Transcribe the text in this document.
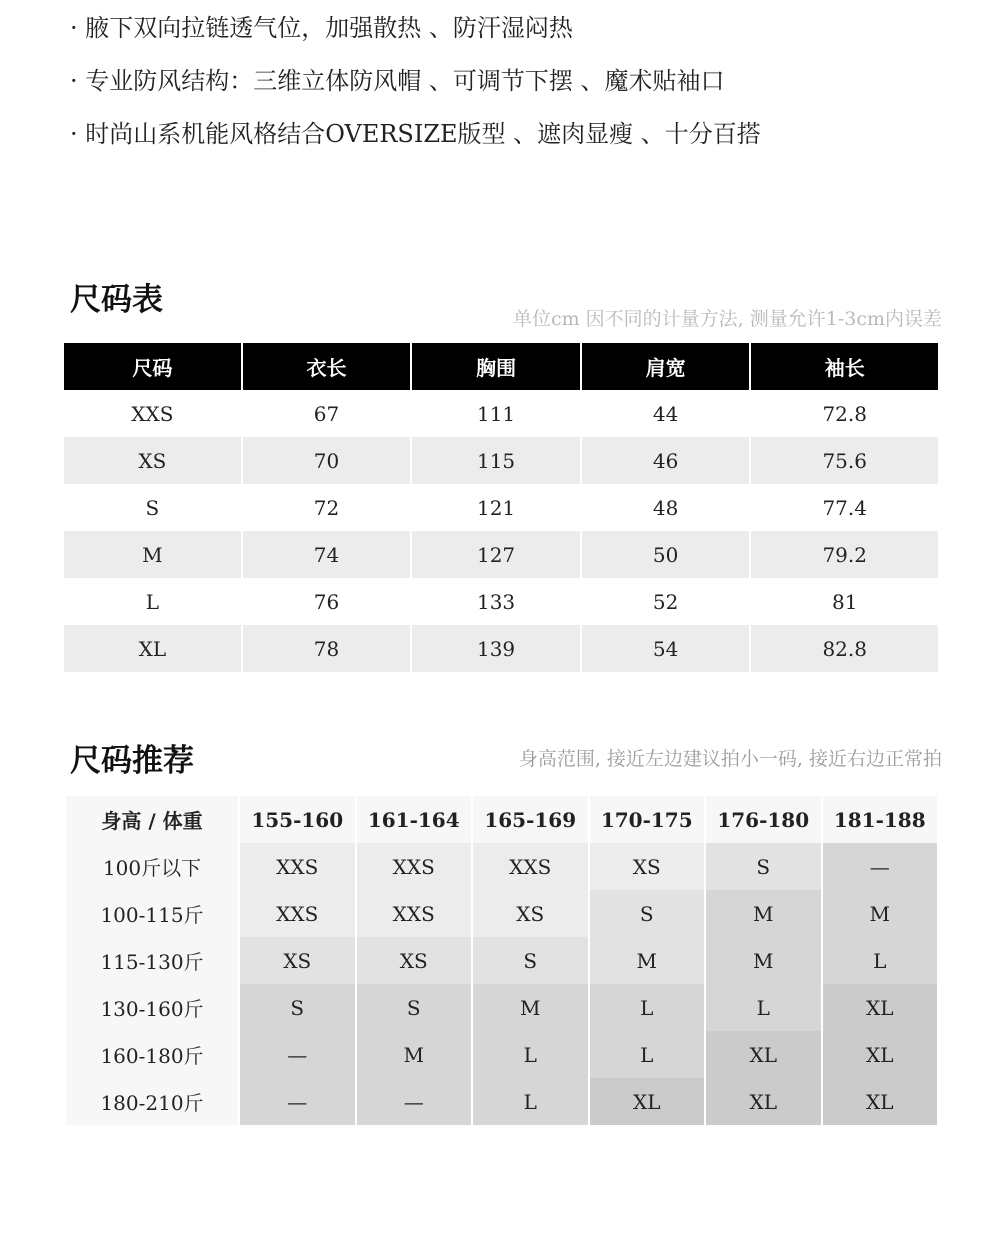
· 腋下双向拉链透气位，加强散热 、防汗湿闷热
· 专业防风结构：三维立体防风帽 、可调节下摆 、魔术贴袖口
· 时尚山系机能风格结合OVERSIZE版型 、遮肉显瘦 、十分百搭
尺码表
单位cm 因不同的计量方法, 测量允许1-3cm内误差
尺码	衣长	胸围	肩宽	袖长
XXS	67	111	44	72.8
XS	70	115	46	75.6
S	72	121	48	77.4
M	74	127	50	79.2
L	76	133	52	81
XL	78	139	54	82.8
尺码推荐	身高范围, 接近左边建议拍小一码, 接近右边正常拍
身高 / 体重	155-160	161-164	165-169	170-175	176-180	181-188
100斤以下	XXS	XXS	XXS	XS	S	—
100-115斤	XXS	XXS	XS	S	M	M
115-130斤	XS	XS	S	M	M	L
130-160斤	S	S	M	L	L	XL
160-180斤	—	M	L	L	XL	XL
180-210斤	—	—	L	XL	XL	XL
